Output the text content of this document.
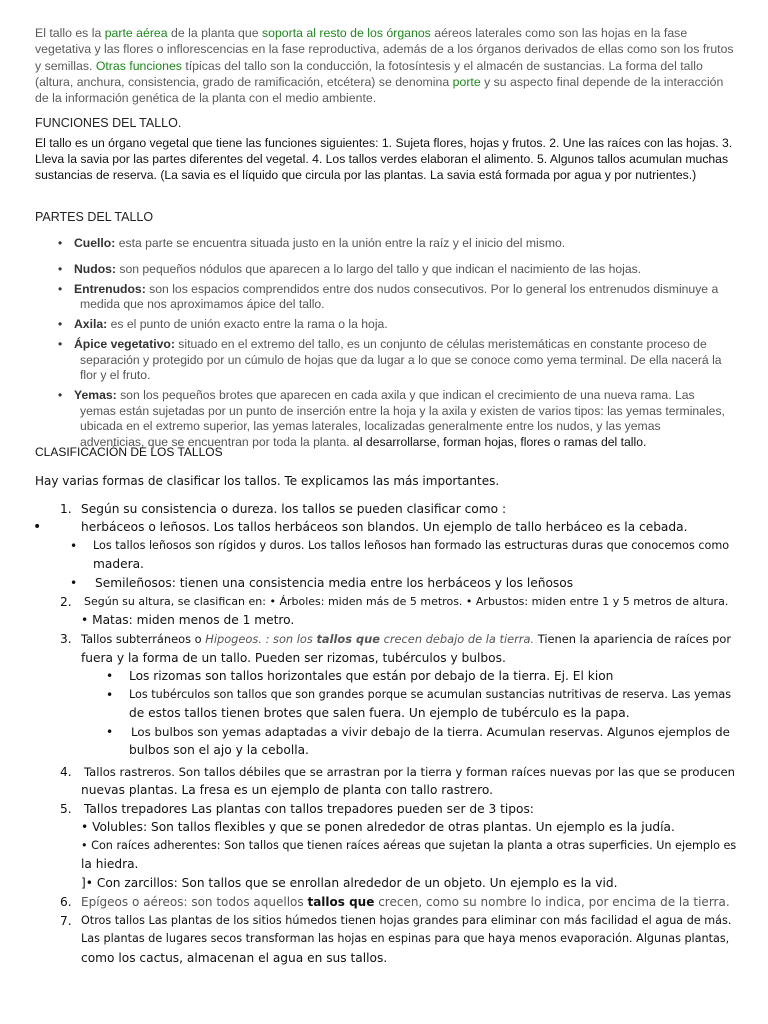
El tallo es la parte aérea de la planta que soporta al resto de los órganos aéreos laterales como son las hojas en la fase vegetativa y las flores o inflorescencias en la fase reproductiva, además de a los órganos derivados de ellas como son los frutos y semillas. Otras funciones típicas del tallo son la conducción, la fotosíntesis y el almacén de sustancias. La forma del tallo (altura, anchura, consistencia, grado de ramificación, etcétera) se denomina porte y su aspecto final depende de la interacción de la información genética de la planta con el medio ambiente.

FUNCIONES DEL TALLO.

El tallo es un órgano vegetal que tiene las funciones siguientes: 1. Sujeta flores, hojas y frutos. 2. Une las raíces con las hojas. 3. Lleva la savia por las partes diferentes del vegetal. 4. Los tallos verdes elaboran el alimento. 5. Algunos tallos acumulan muchas sustancias de reserva. (La savia es el líquido que circula por las plantas. La savia está formada por agua y por nutrientes.)

PARTES DEL TALLO
• Cuello: esta parte se encuentra situada justo en la unión entre la raíz y el inicio del mismo.
• Nudos: son pequeños nódulos que aparecen a lo largo del tallo y que indican el nacimiento de las hojas.
• Entrenudos: son los espacios comprendidos entre dos nudos consecutivos. Por lo general los entrenudos disminuye a medida que nos aproximamos ápice del tallo.
• Axila: es el punto de unión exacto entre la rama o la hoja.
• Ápice vegetativo: situado en el extremo del tallo, es un conjunto de células meristemáticas en constante proceso de separación y protegido por un cúmulo de hojas que da lugar a lo que se conoce como yema terminal. De ella nacerá la flor y el fruto.
• Yemas: son los pequeños brotes que aparecen en cada axila y que indican el crecimiento de una nueva rama. Las yemas están sujetadas por un punto de inserción entre la hoja y la axila y existen de varios tipos: las yemas terminales, ubicada en el extremo superior, las yemas laterales, localizadas generalmente entre los nudos, y las yemas adventicias, que se encuentran por toda la planta. al desarrollarse, forman hojas, flores o ramas del tallo.
CLASIFICACIÓN DE LOS TALLOS
Hay varias formas de clasificar los tallos. Te explicamos las más importantes.
1. Según su consistencia o dureza. los tallos se pueden clasificar como :
•	herbáceos o leñosos. Los tallos herbáceos son blandos. Un ejemplo de tallo herbáceo es la cebada.
• Los tallos leñosos son rígidos y duros. Los tallos leñosos han formado las estructuras duras que conocemos como
madera.
• Semileñosos: tienen una consistencia media entre los herbáceos y los leñosos
2. Según su altura, se clasifican en: • Árboles: miden más de 5 metros. • Arbustos: miden entre 1 y 5 metros de altura.
• Matas: miden menos de 1 metro.
3. Tallos subterráneos o Hipogeos. : son los tallos que crecen debajo de la tierra. Tienen la apariencia de raíces por
fuera y la forma de un tallo. Pueden ser rizomas, tubérculos y bulbos.
• Los rizomas son tallos horizontales que están por debajo de la tierra. Ej. El kion
• Los tubérculos son tallos que son grandes porque se acumulan sustancias nutritivas de reserva. Las yemas
de estos tallos tienen brotes que salen fuera. Un ejemplo de tubérculo es la papa.
• Los bulbos son yemas adaptadas a vivir debajo de la tierra. Acumulan reservas. Algunos ejemplos de
bulbos son el ajo y la cebolla.
4. Tallos rastreros. Son tallos débiles que se arrastran por la tierra y forman raíces nuevas por las que se producen
nuevas plantas. La fresa es un ejemplo de planta con tallo rastrero.
5. Tallos trepadores Las plantas con tallos trepadores pueden ser de 3 tipos:
• Volubles: Son tallos flexibles y que se ponen alrededor de otras plantas. Un ejemplo es la judía.
• Con raíces adherentes: Son tallos que tienen raíces aéreas que sujetan la planta a otras superficies. Un ejemplo es
la hiedra.
]• Con zarcillos: Son tallos que se enrollan alrededor de un objeto. Un ejemplo es la vid.
6. Epígeos o aéreos: son todos aquellos tallos que crecen, como su nombre lo indica, por encima de la tierra.
7. Otros tallos Las plantas de los sitios húmedos tienen hojas grandes para eliminar con más facilidad el agua de más.
Las plantas de lugares secos transforman las hojas en espinas para que haya menos evaporación. Algunas plantas,
como los cactus, almacenan el agua en sus tallos.
